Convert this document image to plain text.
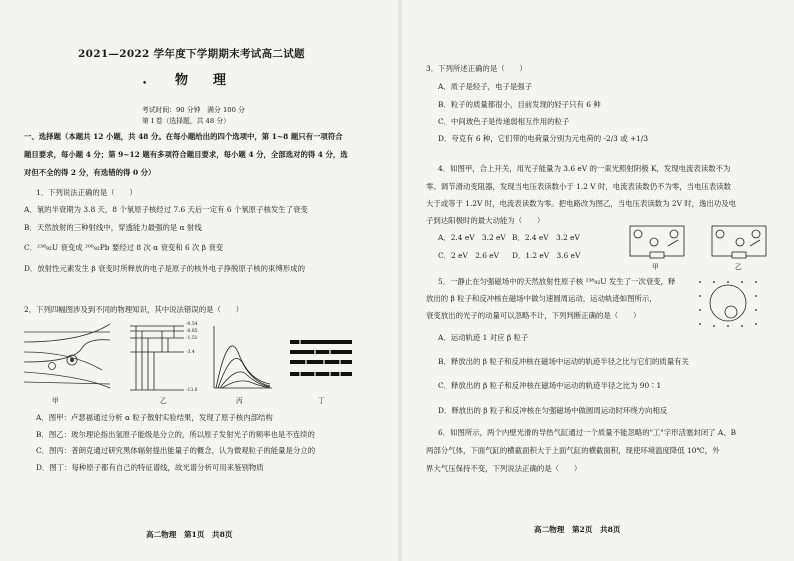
2021—2022 学年度下学期期末考试高二试题
• 物　理
考试时间：90 分钟　满分 100 分
第 I 卷（选择题，共 48 分）
一、选择题（本题共 12 小题，共 48 分。在每小题给出的四个选项中，第 1~8 题只有一项符合
题目要求，每小题 4 分；第 9~12 题有多项符合题目要求，每小题 4 分，全部选对的得 4 分，选
对但不全的得 2 分，有选错的得 0 分）
1．下列说法正确的是（　　）
A．氡的半衰期为 3.8 天，8 个氡原子核经过 7.6 天后一定有 6 个氡原子核发生了衰变
B．天然放射的三种射线中，穿透能力最强的是 α 射线
C．²³⁸₉₂U 衰变成 ²⁰⁶₈₂Pb 要经过 8 次 α 衰变和 6 次 β 衰变
D．放射性元素发生 β 衰变时所释放的电子是原子的核外电子挣脱原子核的束缚形成的
2．下列四幅图涉及到不同的物理知识，其中说法错误的是（　　）
甲
-0.54
-0.85
-1.51
-3.4
-13.6
乙	丙	丁
A．图甲：卢瑟福通过分析 α 粒子散射实验结果，发现了原子核内部结构
B．图乙：玻尔理论指出氢原子能级是分立的，所以原子发射光子的频率也是不连续的
C．图丙：普朗克通过研究黑体辐射提出能量子的概念，认为微观粒子的能量是分立的
D．图丁：每种原子都有自己的特征谱线，故光谱分析可用来鉴别物质
高二物理　第1页　共8页
3．下列所述正确的是（　　）
A．质子是轻子，电子是强子
B．粒子的质量都很小，目前发现的轻子只有 6 种
C．中间玻色子是传递弱相互作用的粒子
D．夸克有 6 种，它们带的电荷量分别为元电荷的 -2/3 或 +1/3
4．如图甲，合上开关，用光子能量为 3.6 eV 的一束光照射阴极 K，发现电流表读数不为
零。调节滑动变阻器，发现当电压表读数小于 1.2 V 时，电流表读数仍不为零，当电压表读数
大于或等于 1.2V 时，电流表读数为零。把电路改为图乙，当电压表读数为 2V 时，逸出功及电
子到达阳极时的最大动能为（　　）
A．2.4 eV　3.2 eV B．2.4 eV　3.2 eV
C．2 eV　2.6 eV D．1.2 eV　3.6 eV
甲	乙
5．一静止在匀强磁场中的天然放射性原子核 ²³⁸₉₂U 发生了一次衰变，释
放出的 β 粒子和反冲核在磁场中做匀速圆周运动，运动轨迹如图所示，
衰变放出的光子的动量可以忽略不计，下列判断正确的是（　　）
A．运动轨迹 1 对应 β 粒子
B．释放出的 β 粒子和反冲核在磁场中运动的轨迹半径之比与它们的质量有关
C．释放出的 β 粒子和反冲核在磁场中运动的轨迹半径之比为 90∶1
D．释放出的 β 粒子和反冲核在匀强磁场中做圆周运动时环绕方向相反
6．如图所示，两个内壁光滑的导热气缸通过一个质量不能忽略的"工"字形活塞封闭了 A、B
两部分气体，下面气缸的横截面积大于上面气缸的横截面积，现使环境温度降低 10℃，外
界大气压保持不变，下列说法正确的是（　　）
高二物理　第2页　共8页
